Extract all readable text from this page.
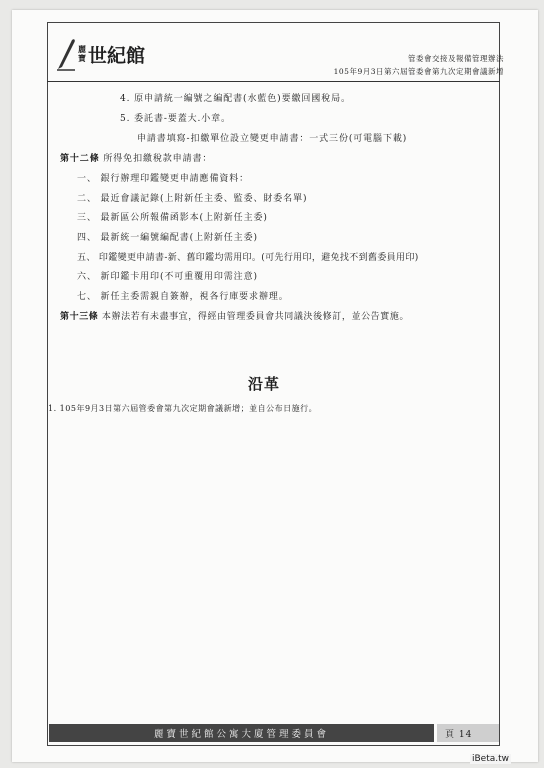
麗寶 世紀館	管委會交接及報備管理辦法
105年9月3日第六屆管委會第九次定期會議新增
4. 原申請統一編號之編配書(水藍色)要繳回國稅局。
5. 委託書-要蓋大.小章。
申請書填寫-扣繳單位設立變更申請書：一式三份(可電腦下載)
第十二條 所得免扣繳稅款申請書：
一、 銀行辦理印鑑變更申請應備資料：
二、 最近會議記錄(上附新任主委、監委、財委名單)
三、 最新區公所報備函影本(上附新任主委)
四、 最新統一編號編配書(上附新任主委)
五、 印鑑變更申請書-新、舊印鑑均需用印。(可先行用印，避免找不到舊委員用印)
六、 新印鑑卡用印(不可重覆用印需注意)
七、 新任主委需親自簽辦，視各行庫要求辦理。
第十三條 本辦法若有未盡事宜，得經由管理委員會共同議決後修訂，並公告實施。
沿革
1. 105年9月3日第六屆管委會第九次定期會議新增；並自公布日施行。
麗寶世紀館公寓大廈管理委員會	頁 14
iBeta.tw
